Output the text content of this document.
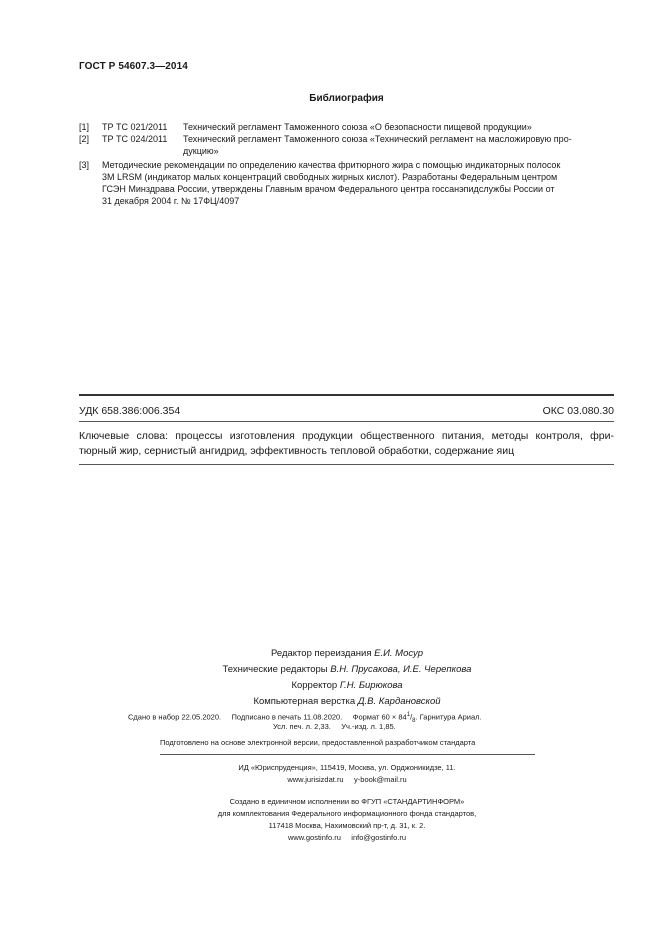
ГОСТ Р 54607.3—2014
Библиография
[1] ТР ТС 021/2011 Технический регламент Таможенного союза «О безопасности пищевой продукции»
[2] ТР ТС 024/2011 Технический регламент Таможенного союза «Технический регламент на масложировую про-
дукцию»
[3] Методические рекомендации по определению качества фритюрного жира с помощью индикаторных полосок
3M LRSM (индикатор малых концентраций свободных жирных кислот). Разработаны Федеральным центром
ГСЭН Минздрава России, утверждены Главным врачом Федерального центра госсанэпидслужбы России от
31 декабря 2004 г. № 17ФЦ/4097
УДК 658.386:006.354	ОКС 03.080.30
Ключевые слова: процессы изготовления продукции общественного питания, методы контроля, фри-
тюрный жир, сернистый ангидрид, эффективность тепловой обработки, содержание яиц
Редактор переиздания Е.И. Мосур
Технические редакторы В.Н. Прусакова, И.Е. Черепкова
Корректор Г.Н. Бирюкова
Компьютерная верстка Д.В. Кардановской
Сдано в набор 22.05.2020. Подписано в печать 11.08.2020. Формат $60 \times 84^1/_8$. Гарнитура Ариал.
Усл. печ. л. 2,33.     Уч.-изд. л. 1,85.
Подготовлено на основе электронной версии, предоставленной разработчиком стандарта
ИД «Юриспруденция», 115419, Москва, ул. Орджоникидзе, 11.
www.jurisizdat.ru     y-book@mail.ru
Создано в единичном исполнении во ФГУП «СТАНДАРТИНФОРМ»
для комплектования Федерального информационного фонда стандартов,
117418 Москва, Нахимовский пр-т, д. 31, к. 2.
www.gostinfo.ru     info@gostinfo.ru
